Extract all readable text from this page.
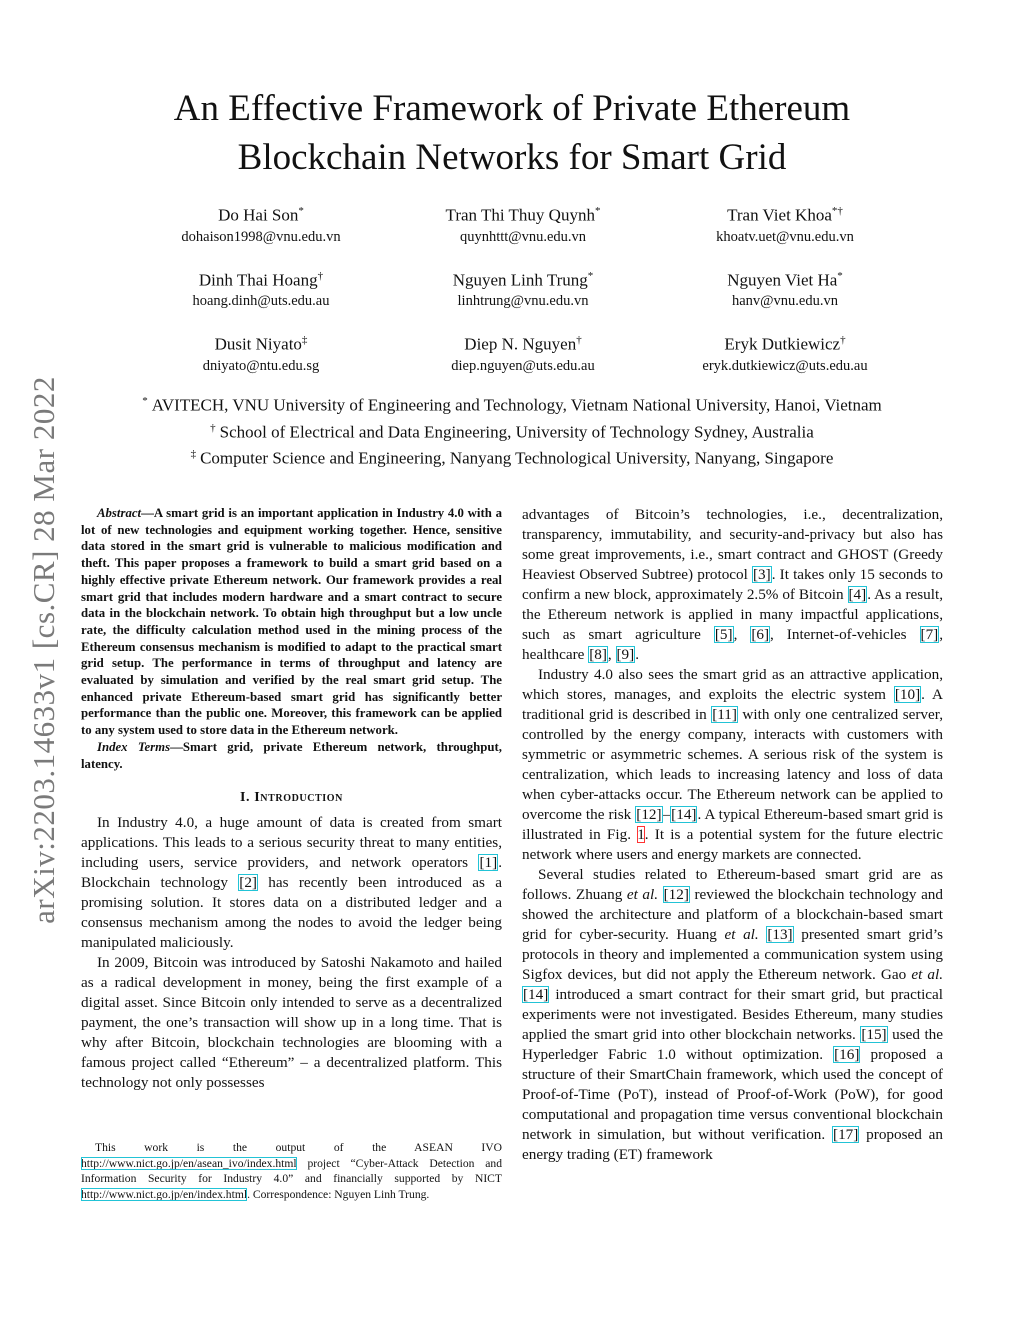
arXiv:2203.14633v1 [cs.CR] 28 Mar 2022
An Effective Framework of Private Ethereum Blockchain Networks for Smart Grid
Do Hai Son*
dohaison1998@vnu.edu.vn
Tran Thi Thuy Quynh*
quynhttt@vnu.edu.vn
Tran Viet Khoa*†
khoatv.uet@vnu.edu.vn
Dinh Thai Hoang†
hoang.dinh@uts.edu.au
Nguyen Linh Trung*
linhtrung@vnu.edu.vn
Nguyen Viet Ha*
hanv@vnu.edu.vn
Dusit Niyato‡
dniyato@ntu.edu.sg
Diep N. Nguyen†
diep.nguyen@uts.edu.au
Eryk Dutkiewicz†
eryk.dutkiewicz@uts.edu.au
* AVITECH, VNU University of Engineering and Technology, Vietnam National University, Hanoi, Vietnam
† School of Electrical and Data Engineering, University of Technology Sydney, Australia
‡ Computer Science and Engineering, Nanyang Technological University, Nanyang, Singapore

Abstract—A smart grid is an important application in Industry 4.0 with a lot of new technologies and equipment working together. Hence, sensitive data stored in the smart grid is vulnerable to malicious modification and theft. This paper proposes a framework to build a smart grid based on a highly effective private Ethereum network. Our framework provides a real smart grid that includes modern hardware and a smart contract to secure data in the blockchain network. To obtain high throughput but a low uncle rate, the difficulty calculation method used in the mining process of the Ethereum consensus mechanism is modified to adapt to the practical smart grid setup. The performance in terms of throughput and latency are evaluated by simulation and verified by the real smart grid setup. The enhanced private Ethereum-based smart grid has significantly better performance than the public one. Moreover, this framework can be applied to any system used to store data in the Ethereum network.

Index Terms—Smart grid, private Ethereum network, throughput, latency.

I. Introduction

In Industry 4.0, a huge amount of data is created from smart applications. This leads to a serious security threat to many entities, including users, service providers, and network operators [1]. Blockchain technology [2] has recently been introduced as a promising solution. It stores data on a distributed ledger and a consensus mechanism among the nodes to avoid the ledger being manipulated maliciously.

In 2009, Bitcoin was introduced by Satoshi Nakamoto and hailed as a radical development in money, being the first example of a digital asset. Since Bitcoin only intended to serve as a decentralized payment, the one’s transaction will show up in a long time. That is why after Bitcoin, blockchain technologies are blooming with a famous project called “Ethereum” – a decentralized platform. This technology not only possesses

This work is the output of the ASEAN IVO http://www.nict.go.jp/en/asean_ivo/index.html project “Cyber-Attack Detection and Information Security for Industry 4.0” and financially supported by NICT http://www.nict.go.jp/en/index.html. Correspondence: Nguyen Linh Trung.

advantages of Bitcoin’s technologies, i.e., decentralization, transparency, immutability, and security-and-privacy but also has some great improvements, i.e., smart contract and GHOST (Greedy Heaviest Observed Subtree) protocol [3]. It takes only 15 seconds to confirm a new block, approximately 2.5% of Bitcoin [4]. As a result, the Ethereum network is applied in many impactful applications, such as smart agriculture [5], [6], Internet-of-vehicles [7], healthcare [8], [9].

Industry 4.0 also sees the smart grid as an attractive application, which stores, manages, and exploits the electric system [10]. A traditional grid is described in [11] with only one centralized server, controlled by the energy company, interacts with customers with symmetric or asymmetric schemes. A serious risk of the system is centralization, which leads to increasing latency and loss of data when cyber-attacks occur. The Ethereum network can be applied to overcome the risk [12]–[14]. A typical Ethereum-based smart grid is illustrated in Fig. 1. It is a potential system for the future electric network where users and energy markets are connected.

Several studies related to Ethereum-based smart grid are as follows. Zhuang et al. [12] reviewed the blockchain technology and showed the architecture and platform of a blockchain-based smart grid for cyber-security. Huang et al. [13] presented smart grid’s protocols in theory and implemented a communication system using Sigfox devices, but did not apply the Ethereum network. Gao et al. [14] introduced a smart contract for their smart grid, but practical experiments were not investigated. Besides Ethereum, many studies applied the smart grid into other blockchain networks. [15] used the Hyperledger Fabric 1.0 without optimization. [16] proposed a structure of their SmartChain framework, which used the concept of Proof-of-Time (PoT), instead of Proof-of-Work (PoW), for good computational and propagation time versus conventional blockchain network in simulation, but without verification. [17] proposed an energy trading (ET) framework
